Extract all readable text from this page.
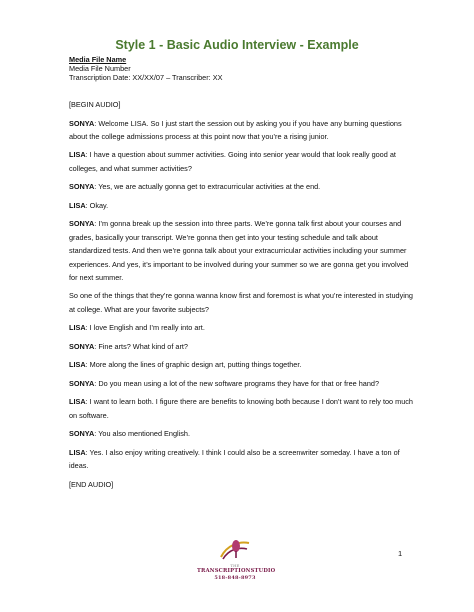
Style 1 - Basic Audio Interview - Example
Media File Name
Media File Number
Transcription Date: XX/XX/07 – Transcriber: XX
[BEGIN AUDIO]
SONYA: Welcome LISA. So I just start the session out by asking you if you have any burning questions about the college admissions process at this point now that you’re a rising junior.
LISA: I have a question about summer activities. Going into senior year would that look really good at colleges, and what summer activities?
SONYA: Yes, we are actually gonna get to extracurricular activities at the end.
LISA: Okay.
SONYA: I’m gonna break up the session into three parts. We’re gonna talk first about your courses and grades, basically your transcript. We’re gonna then get into your testing schedule and talk about standardized tests. And then we’re gonna talk about your extracurricular activities including your summer experiences. And yes, it’s important to be involved during your summer so we are gonna get you involved for next summer.
So one of the things that they’re gonna wanna know first and foremost is what you’re interested in studying at college. What are your favorite subjects?
LISA: I love English and I’m really into art.
SONYA: Fine arts? What kind of art?
LISA: More along the lines of graphic design art, putting things together.
SONYA: Do you mean using a lot of the new software programs they have for that or free hand?
LISA: I want to learn both. I figure there are benefits to knowing both because I don’t want to rely too much on software.
SONYA: You also mentioned English.
LISA: Yes. I also enjoy writing creatively. I think I could also be a screenwriter someday. I have a ton of ideas.
[END AUDIO]
1
THE
TRANSCRIPTIONSTUDIO
518-848-8973
